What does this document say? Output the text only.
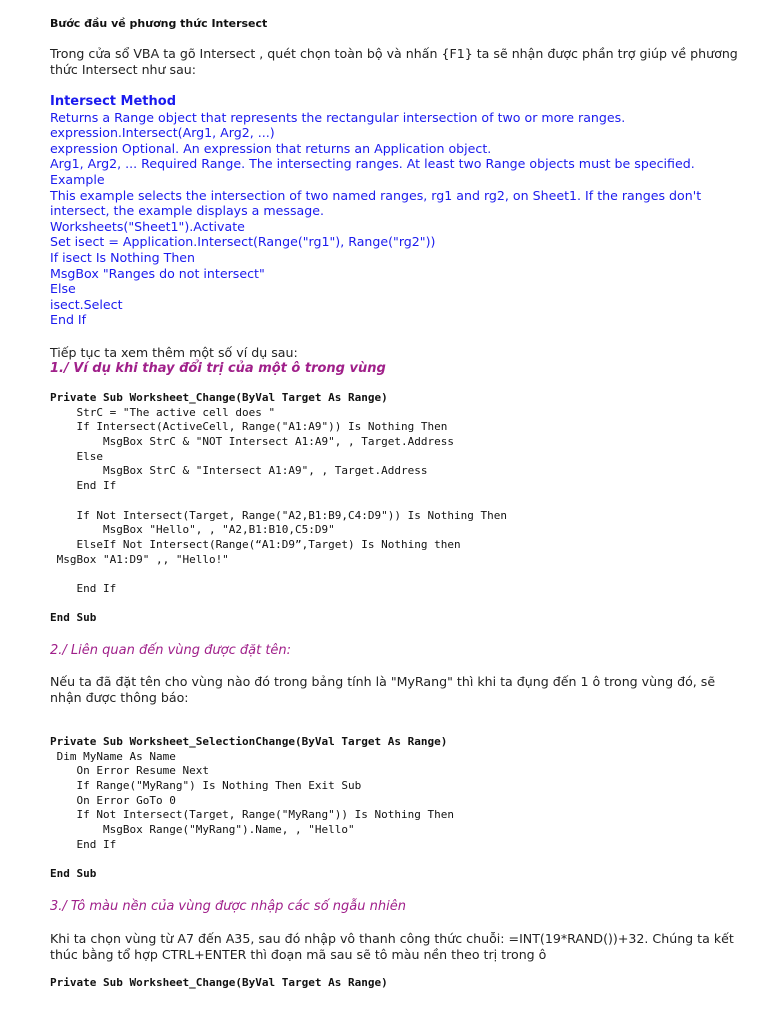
Bước đầu về phương thức Intersect

Trong cửa sổ VBA ta gõ Intersect , quét chọn toàn bộ và nhấn {F1} ta sẽ nhận được phần trợ giúp về phương thức Intersect như sau:

Intersect Method
Returns a Range object that represents the rectangular intersection of two or more ranges.
expression.Intersect(Arg1, Arg2, ...)
expression Optional. An expression that returns an Application object.
Arg1, Arg2, ... Required Range. The intersecting ranges. At least two Range objects must be specified.
Example
This example selects the intersection of two named ranges, rg1 and rg2, on Sheet1. If the ranges don't
intersect, the example displays a message.
Worksheets("Sheet1").Activate
Set isect = Application.Intersect(Range("rg1"), Range("rg2"))
If isect Is Nothing Then
MsgBox "Ranges do not intersect"
Else
isect.Select
End If

Tiếp tục ta xem thêm một số ví dụ sau:

1./ Ví dụ khi thay đổi trị của một ô trong vùng
Private Sub Worksheet_Change(ByVal Target As Range)
StrC = "The active cell does "
If Intersect(ActiveCell, Range("A1:A9")) Is Nothing Then
MsgBox StrC & "NOT Intersect A1:A9", , Target.Address
Else
MsgBox StrC & "Intersect A1:A9", , Target.Address
End If
If Not Intersect(Target, Range("A2,B1:B9,C4:D9")) Is Nothing Then
MsgBox "Hello", , "A2,B1:B10,C5:D9"
ElseIf Not Intersect(Range(“A1:D9”,Target) Is Nothing then
MsgBox "A1:D9" ,, "Hello!"
End If
End Sub
2./ Liên quan đến vùng được đặt tên:

Nếu ta đã đặt tên cho vùng nào đó trong bảng tính là "MyRang" thì khi ta đụng đến 1 ô trong vùng đó, sẽ nhận được thông báo:

Private Sub Worksheet_SelectionChange(ByVal Target As Range)
Dim MyName As Name
On Error Resume Next
If Range("MyRang") Is Nothing Then Exit Sub
On Error GoTo 0
If Not Intersect(Target, Range("MyRang")) Is Nothing Then
MsgBox Range("MyRang").Name, , "Hello"
End If
End Sub
3./ Tô màu nền của vùng được nhập các số ngẫu nhiên

Khi ta chọn vùng từ A7 đến A35, sau đó nhập vô thanh công thức chuỗi: =INT(19*RAND())+32. Chúng ta kết thúc bằng tổ hợp CTRL+ENTER thì đoạn mã sau sẽ tô màu nền theo trị trong ô

Private Sub Worksheet_Change(ByVal Target As Range)
